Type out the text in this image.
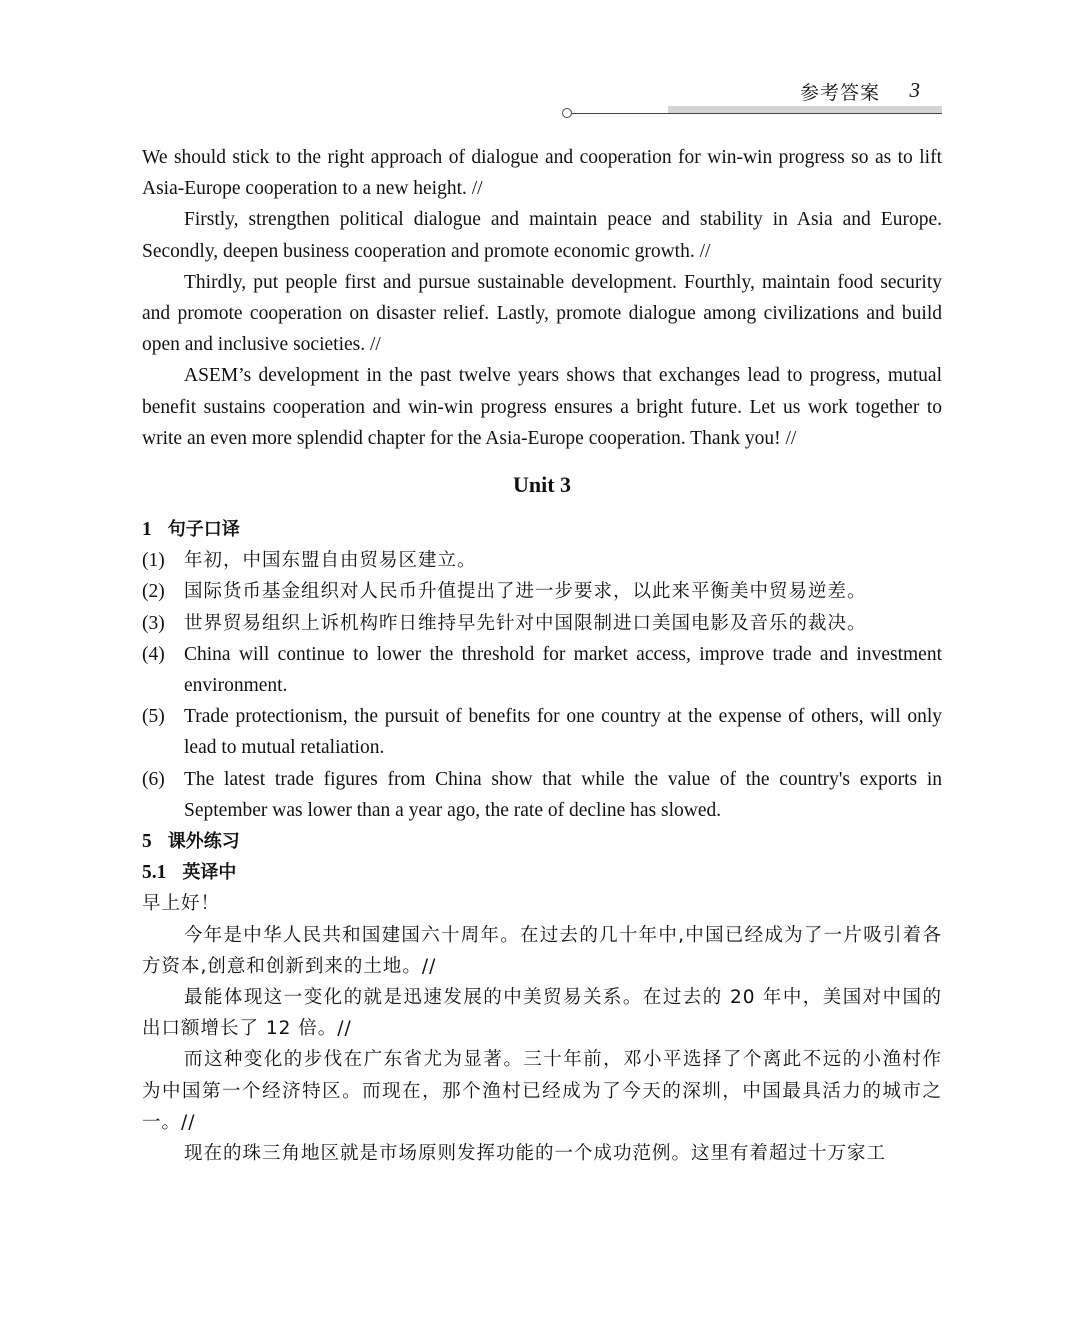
参考答案 3

We should stick to the right approach of dialogue and cooperation for win-win progress so as to lift Asia-Europe cooperation to a new height. //

Firstly, strengthen political dialogue and maintain peace and stability in Asia and Europe. Secondly, deepen business cooperation and promote economic growth. //

Thirdly, put people first and pursue sustainable development. Fourthly, maintain food security and promote cooperation on disaster relief. Lastly, promote dialogue among civilizations and build open and inclusive societies. //

ASEM’s development in the past twelve years shows that exchanges lead to progress, mutual benefit sustains cooperation and win-win progress ensures a bright future. Let us work together to write an even more splendid chapter for the Asia-Europe cooperation. Thank you! //

Unit 3
1 句子口译
(1) 年初，中国东盟自由贸易区建立。
(2) 国际货币基金组织对人民币升值提出了进一步要求，以此来平衡美中贸易逆差。
(3) 世界贸易组织上诉机构昨日维持早先针对中国限制进口美国电影及音乐的裁决。
(4) China will continue to lower the threshold for market access, improve trade and investment environment.
(5) Trade protectionism, the pursuit of benefits for one country at the expense of others, will only lead to mutual retaliation.
(6) The latest trade figures from China show that while the value of the country's exports in September was lower than a year ago, the rate of decline has slowed.
5 课外练习
5.1 英译中

早上好！

今年是中华人民共和国建国六十周年。在过去的几十年中,中国已经成为了一片吸引着各方资本,创意和创新到来的土地。//

最能体现这一变化的就是迅速发展的中美贸易关系。在过去的 20 年中，美国对中国的出口额增长了 12 倍。//

而这种变化的步伐在广东省尤为显著。三十年前，邓小平选择了个离此不远的小渔村作为中国第一个经济特区。而现在，那个渔村已经成为了今天的深圳，中国最具活力的城市之一。//

现在的珠三角地区就是市场原则发挥功能的一个成功范例。这里有着超过十万家工
